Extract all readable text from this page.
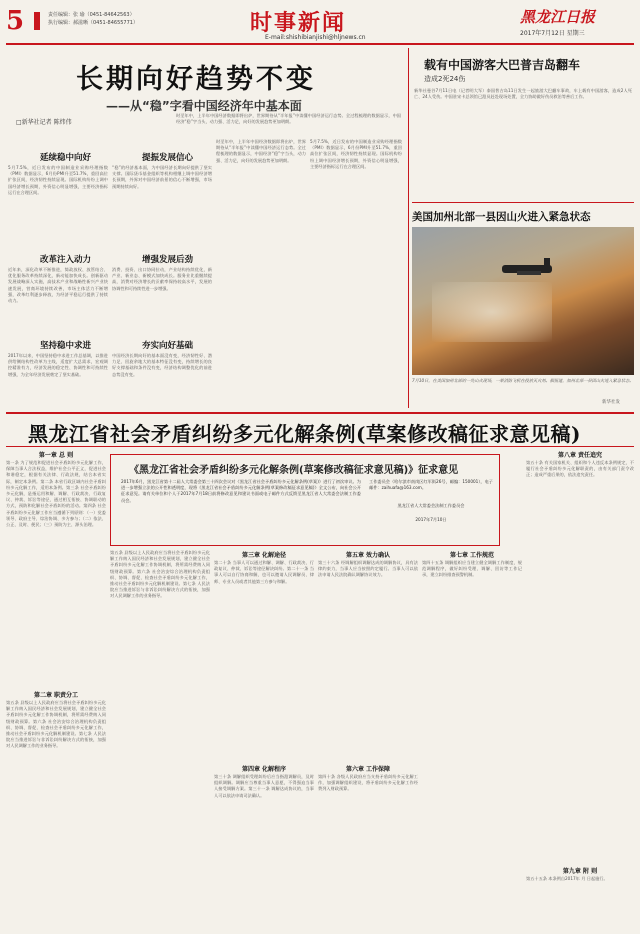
5	责任编辑：张 瑜（0451-84642563）
执行编辑：郝滋晰（0451-84655771）	时事新闻
E-mail:shishibianjishi@hljnews.cn
黑龙江日报
2017年7月12日 星期三
长期向好趋势不变
——从“稳”字看中国经济年中基本面
□新华社记者 陈炜伟
时至年中，上半年中国经济数据即将出炉，世界期待从“半年报”中读懂中国经济运行态势。全过程梳理的数据显示，中国经济“稳”字当头，动力强、活力足，向好的发展趋势更加明朗。
延续稳中向好
5月7.5%，近日发布的中国制造业采购经理指数（PMI）数据显示，6月份PMI升至51.7%，重回高位扩张区间，经济韧性持续显现。国际机构纷纷上调中国经济增长预期，外资信心明显增强，主要经济指标运行在合理区间。
改革注入动力
近年来，深化改革不断推进，简政放权、放管结合、优化服务改革持续深化，新动能加快成长。创新驱动发展战略深入实施，高技术产业和战略性新兴产业快速发展，营商环境持续改善，市场主体活力不断增强，改革红利逐步释放，为经济平稳运行提供了持续动力。
坚持稳中求进
2017年以来，中国坚持稳中求进工作总基调，以推进供给侧结构性改革为主线，适度扩大总需求，宏观调控精准有力，经济发展的稳定性、协调性和可持续性增强，为全年经济发展奠定了坚实基础。
提振发展信心
“稳”的经济基本面，为中国经济长期向好提供了坚实支撑。国际货币基金组织等机构相继上调中国经济增长预期，外界对中国经济前景的信心不断增强，市场预期持续向好。
增强发展后劲
消费、投资、出口协同拉动，产业结构持续优化，新产业、新业态、新模式加快成长。服务业比重继续提高，消费对经济增长的贡献率保持较高水平，发展的协调性和可持续性进一步增强。
夯实向好基础
中国经济长期向好的基本面没有变，经济韧性好、潜力足、回旋余地大的基本特征没有变，持续增长的良好支撑基础和条件没有变，经济结构调整优化的前进态势没有变。
时至年中，上半年中国经济数据即将出炉，世界期待从“半年报”中读懂中国经济运行态势。全过程梳理的数据显示，中国经济“稳”字当头，动力强、活力足，向好的发展趋势更加明朗。
5月7.5%，近日发布的中国制造业采购经理指数（PMI）数据显示，6月份PMI升至51.7%，重回高位扩张区间，经济韧性持续显现。国际机构纷纷上调中国经济增长预期，外资信心明显增强，主要经济指标运行在合理区间。
载有中国游客大巴普吉岛翻车
造成2死24伤
新华社曼谷7月11日电（记者明大军）泰国普吉岛11日发生一起旅游大巴翻车事故，车上载有中国游客，造成2人死亡、24人受伤。中国驻宋卡总领馆已派员赶赴现场处置，全力协助做好伤员救治等善后工作。
美国加州北部一县因山火进入紧急状态
7月10日，在美国加州北部的一处山火现场，一架消防飞机在投放灭火剂。据报道，加州北部一县因山火进入紧急状态。
新华社发
黑龙江省社会矛盾纠纷多元化解条例(草案修改稿征求意见稿)
《黑龙江省社会矛盾纠纷多元化解条例(草案修改稿征求意见稿)》征求意见
2017年6月，黑龙江省第十二届人大常委会第三十四次会议对《黑龙江省社会矛盾纠纷多元化解条例(草案)》进行了初次审议。为进一步增强立法的公开性和透明度，现将《黑龙江省社会矛盾纠纷多元化解条例(草案修改稿征求意见稿)》全文公布，向社会公开征求意见。请有关单位和个人于2017年7月18日前将修改意见和建议书面或电子邮件方式反馈至黑龙江省人大常委会法制工作委员会。
工作委员会（哈尔滨市南岗区红军街26号，邮编：150001），电子邮件：zaihuafa@163.com。
黑龙江省人大常委会法制工作委员会
2017年7月10日
第一章 总 则
第一条 为了规范和促进社会矛盾纠纷多元化解工作，保障当事人合法权益，维护社会公平正义，促进社会和谐稳定，根据有关法律、行政法规，结合本省实际，制定本条例。第二条 本省行政区域内社会矛盾纠纷多元化解工作，适用本条例。第三条 社会矛盾纠纷多元化解，是指运用和解、调解、行政裁决、行政复议、仲裁、诉讼等途径，通过相互衔接、协调联动的方式，预防和化解社会矛盾纠纷的活动。第四条 社会矛盾纠纷多元化解工作应当遵循下列原则：（一）党委领导、政府主导、综治协调、多方参与；（二）依法、公正、及时、便民；（三）预防为主、源头治理。
第二章 职责分工
第五条 县级以上人民政府应当将社会矛盾纠纷多元化解工作纳入国民经济和社会发展规划，建立健全社会矛盾纠纷多元化解工作协调机制，将所需经费纳入同级财政预算。第六条 社会治安综合治理机构负责组织、协调、督促、检查社会矛盾纠纷多元化解工作，推动社会矛盾纠纷多元化解机制建设。第七条 人民法院应当推进诉讼与非诉讼纠纷解决方式的衔接，加强对人民调解工作的业务指导。
第五条 县级以上人民政府应当将社会矛盾纠纷多元化解工作纳入国民经济和社会发展规划，建立健全社会矛盾纠纷多元化解工作协调机制，将所需经费纳入同级财政预算。第六条 社会治安综合治理机构负责组织、协调、督促、检查社会矛盾纠纷多元化解工作，推动社会矛盾纠纷多元化解机制建设。第七条 人民法院应当推进诉讼与非诉讼纠纷解决方式的衔接，加强对人民调解工作的业务指导。
第三章 化解途径
第二十条 当事人可以通过和解、调解、行政裁决、行政复议、仲裁、诉讼等途径解决纠纷。第二十一条 当事人可以自行协商和解，也可以邀请人民调解员、律师、专业人员或者其他第三方参与和解。
第四章 化解程序
第三十条 调解组织受理纠纷后应当指派调解员，及时组织调解。调解应当尊重当事人意愿，不得强迫当事人接受调解方案。第三十一条 调解达成协议的，当事人可以依法申请司法确认。
第五章 效力确认
第三十六条 经调解组织调解达成的调解协议，具有法律约束力，当事人应当按照约定履行。当事人可以依法申请人民法院确认调解协议效力。
第六章 工作保障
第四十条 各级人民政府应当支持矛盾纠纷多元化解工作，加强调解组织建设，将矛盾纠纷多元化解工作经费列入财政预算。
第七章 工作规范
第四十五条 调解组织应当建立健全调解工作制度，规范调解程序，做好纠纷受理、调解、回访等工作记录，建立纠纷排查预警机制。
第八章 责任追究
第五十条 有关国家机关、组织和个人违反本条例规定，不履行社会矛盾纠纷多元化解职责的，由有关部门责令改正；造成严重后果的，依法追究责任。
第九章 附 则
第五十五条 本条例自2017年 月 日起施行。
